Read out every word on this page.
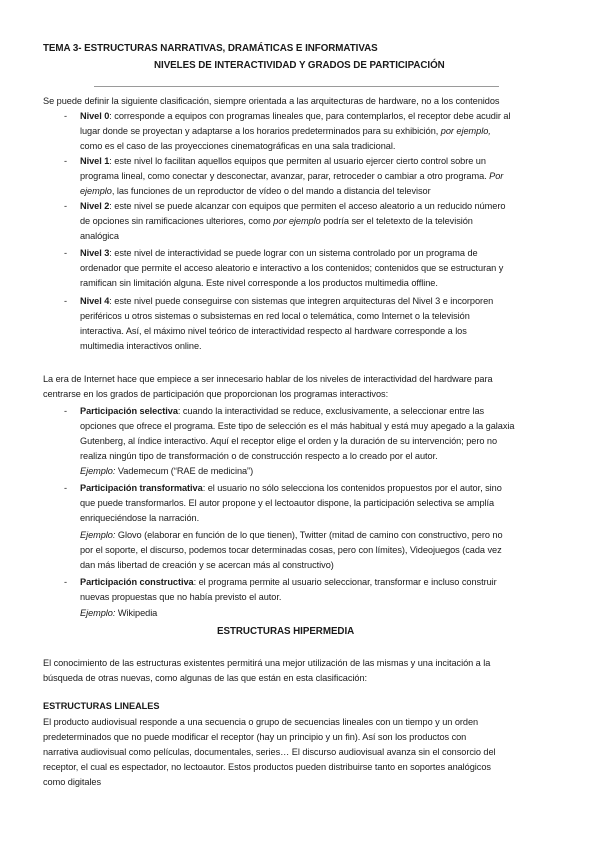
TEMA 3- ESTRUCTURAS NARRATIVAS, DRAMÁTICAS E INFORMATIVAS
NIVELES DE INTERACTIVIDAD Y GRADOS DE PARTICIPACIÓN
Se puede definir la siguiente clasificación, siempre orientada a las arquitecturas de hardware, no a los contenidos
- Nivel 0: corresponde a equipos con programas lineales que, para contemplarlos, el receptor debe acudir al
lugar donde se proyectan y adaptarse a los horarios predeterminados para su exhibición, por ejemplo,
como es el caso de las proyecciones cinematográficas en una sala tradicional.
- Nivel 1: este nivel lo facilitan aquellos equipos que permiten al usuario ejercer cierto control sobre un
programa lineal, como conectar y desconectar, avanzar, parar, retroceder o cambiar a otro programa. Por
ejemplo, las funciones de un reproductor de vídeo o del mando a distancia del televisor
- Nivel 2: este nivel se puede alcanzar con equipos que permiten el acceso aleatorio a un reducido número
de opciones sin ramificaciones ulteriores, como por ejemplo podría ser el teletexto de la televisión
analógica
- Nivel 3: este nivel de interactividad se puede lograr con un sistema controlado por un programa de
ordenador que permite el acceso aleatorio e interactivo a los contenidos; contenidos que se estructuran y
ramifican sin limitación alguna. Este nivel corresponde a los productos multimedia offline.
- Nivel 4: este nivel puede conseguirse con sistemas que integren arquitecturas del Nivel 3 e incorporen
periféricos u otros sistemas o subsistemas en red local o telemática, como Internet o la televisión
interactiva. Así, el máximo nivel teórico de interactividad respecto al hardware corresponde a los
multimedia interactivos online.
La era de Internet hace que empiece a ser innecesario hablar de los niveles de interactividad del hardware para
centrarse en los grados de participación que proporcionan los programas interactivos:
- Participación selectiva: cuando la interactividad se reduce, exclusivamente, a seleccionar entre las
opciones que ofrece el programa. Este tipo de selección es el más habitual y está muy apegado a la galaxia
Gutenberg, al índice interactivo. Aquí el receptor elige el orden y la duración de su intervención; pero no
realiza ningún tipo de transformación o de construcción respecto a lo creado por el autor.
Ejemplo: Vademecum (“RAE de medicina”)
- Participación transformativa: el usuario no sólo selecciona los contenidos propuestos por el autor, sino
que puede transformarlos. El autor propone y el lectoautor dispone, la participación selectiva se amplía
enriqueciéndose la narración.
Ejemplo: Glovo (elaborar en función de lo que tienen), Twitter (mitad de camino con constructivo, pero no
por el soporte, el discurso, podemos tocar determinadas cosas, pero con límites), Videojuegos (cada vez
dan más libertad de creación y se acercan más al constructivo)
- Participación constructiva: el programa permite al usuario seleccionar, transformar e incluso construir
nuevas propuestas que no había previsto el autor.
Ejemplo: Wikipedia
ESTRUCTURAS HIPERMEDIA
El conocimiento de las estructuras existentes permitirá una mejor utilización de las mismas y una incitación a la
búsqueda de otras nuevas, como algunas de las que están en esta clasificación:
ESTRUCTURAS LINEALES
El producto audiovisual responde a una secuencia o grupo de secuencias lineales con un tiempo y un orden
predeterminados que no puede modificar el receptor (hay un principio y un fin). Así son los productos con
narrativa audiovisual como películas, documentales, series… El discurso audiovisual avanza sin el consorcio del
receptor, el cual es espectador, no lectoautor. Estos productos pueden distribuirse tanto en soportes analógicos
como digitales
